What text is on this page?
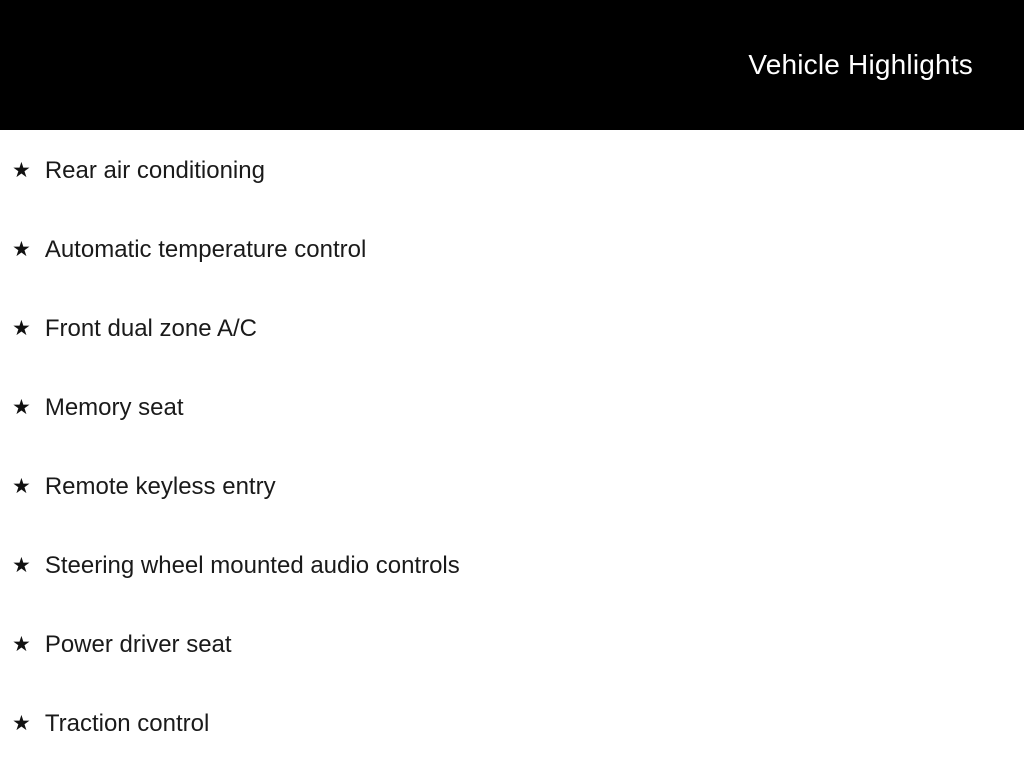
Vehicle Highlights
★ Rear air conditioning
★ Automatic temperature control
★ Front dual zone A/C
★ Memory seat
★ Remote keyless entry
★ Steering wheel mounted audio controls
★ Power driver seat
★ Traction control
